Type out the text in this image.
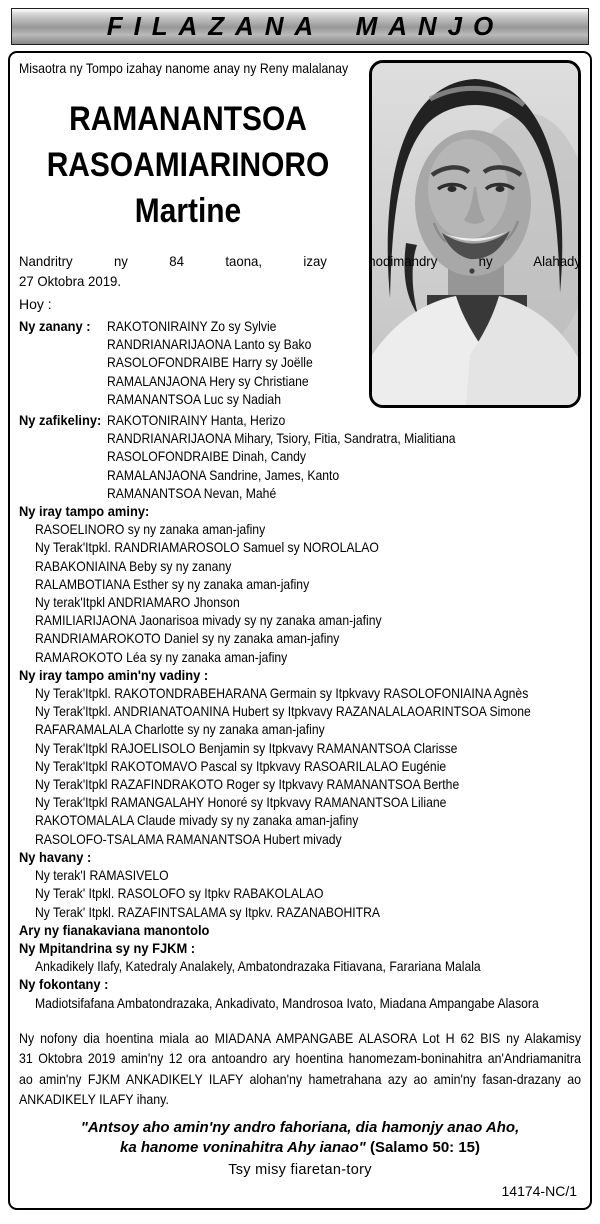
FILAZANA MANJO
Misaotra ny Tompo izahay nanome anay ny Reny malalanay
RAMANANTSOA
RASOAMIARINORO
Martine
Nandritry ny 84 taona, izay nodimandry ny Alahady
27 Oktobra 2019.
Hoy :
Ny zanany :	RAKOTONIRAINY Zo sy Sylvie
RANDRIANARIJAONA Lanto sy Bako
RASOLOFONDRAIBE Harry sy Joëlle
RAMALANJAONA Hery sy Christiane
RAMANANTSOA Luc sy Nadiah
Ny zafikeliny: RAKOTONIRAINY Hanta, Herizo
RANDRIANARIJAONA Mihary, Tsiory, Fitia, Sandratra, Mialitiana
RASOLOFONDRAIBE Dinah, Candy
RAMALANJAONA Sandrine, James, Kanto
RAMANANTSOA Nevan, Mahé
Ny iray tampo aminy:
RASOELINORO sy ny zanaka aman-jafiny
Ny Terak'Itpkl. RANDRIAMAROSOLO Samuel sy NOROLALAO
RABAKONIAINA Beby sy ny zanany
RALAMBOTIANA Esther sy ny zanaka aman-jafiny
Ny terak'Itpkl ANDRIAMARO Jhonson
RAMILIARIJAONA Jaonarisoa mivady sy ny zanaka aman-jafiny
RANDRIAMAROKOTO Daniel sy ny zanaka aman-jafiny
RAMAROKOTO Léa sy ny zanaka aman-jafiny
Ny iray tampo amin'ny vadiny :
Ny Terak'Itpkl. RAKOTONDRABEHARANA Germain sy Itpkvavy RASOLOFONIAINA Agnès
Ny Terak'Itpkl. ANDRIANATOANINA Hubert sy Itpkvavy RAZANALALAOARINTSOA Simone
RAFARAMALALA Charlotte sy ny zanaka aman-jafiny
Ny Terak'Itpkl RAJOELISOLO Benjamin sy Itpkvavy RAMANANTSOA Clarisse
Ny Terak'Itpkl RAKOTOMAVO Pascal sy Itpkvavy RASOARILALAO Eugénie
Ny Terak'Itpkl RAZAFINDRAKOTO Roger sy Itpkvavy RAMANANTSOA Berthe
Ny Terak'Itpkl RAMANGALAHY Honoré sy Itpkvavy RAMANANTSOA Liliane
RAKOTOMALALA Claude mivady sy ny zanaka aman-jafiny
RASOLOFO-TSALAMA RAMANANTSOA Hubert mivady
Ny havany :
Ny terak'I RAMASIVELO
Ny Terak' Itpkl. RASOLOFO sy Itpkv RABAKOLALAO
Ny Terak' Itpkl. RAZAFINTSALAMA sy Itpkv. RAZANABOHITRA
Ary ny fianakaviana manontolo
Ny Mpitandrina sy ny FJKM :
Ankadikely Ilafy, Katedraly Analakely, Ambatondrazaka Fitiavana, Farariana Malala
Ny fokontany :
Madiotsifafana Ambatondrazaka, Ankadivato, Mandrosoa Ivato, Miadana Ampangabe Alasora
Ny nofony dia hoentina miala ao MIADANA AMPANGABE ALASORA Lot H 62 BIS ny Alakamisy
31 Oktobra 2019 amin'ny 12 ora antoandro ary hoentina hanomezam-boninahitra an'Andriamanitra
ao amin'ny FJKM ANKADIKELY ILAFY alohan'ny hametrahana azy ao amin'ny fasan-drazany ao
ANKADIKELY ILAFY ihany.
"Antsoy aho amin'ny andro fahoriana, dia hamonjy anao Aho,
ka hanome voninahitra Ahy ianao" (Salamo 50: 15)
Tsy misy fiaretan-tory
14174-NC/1
